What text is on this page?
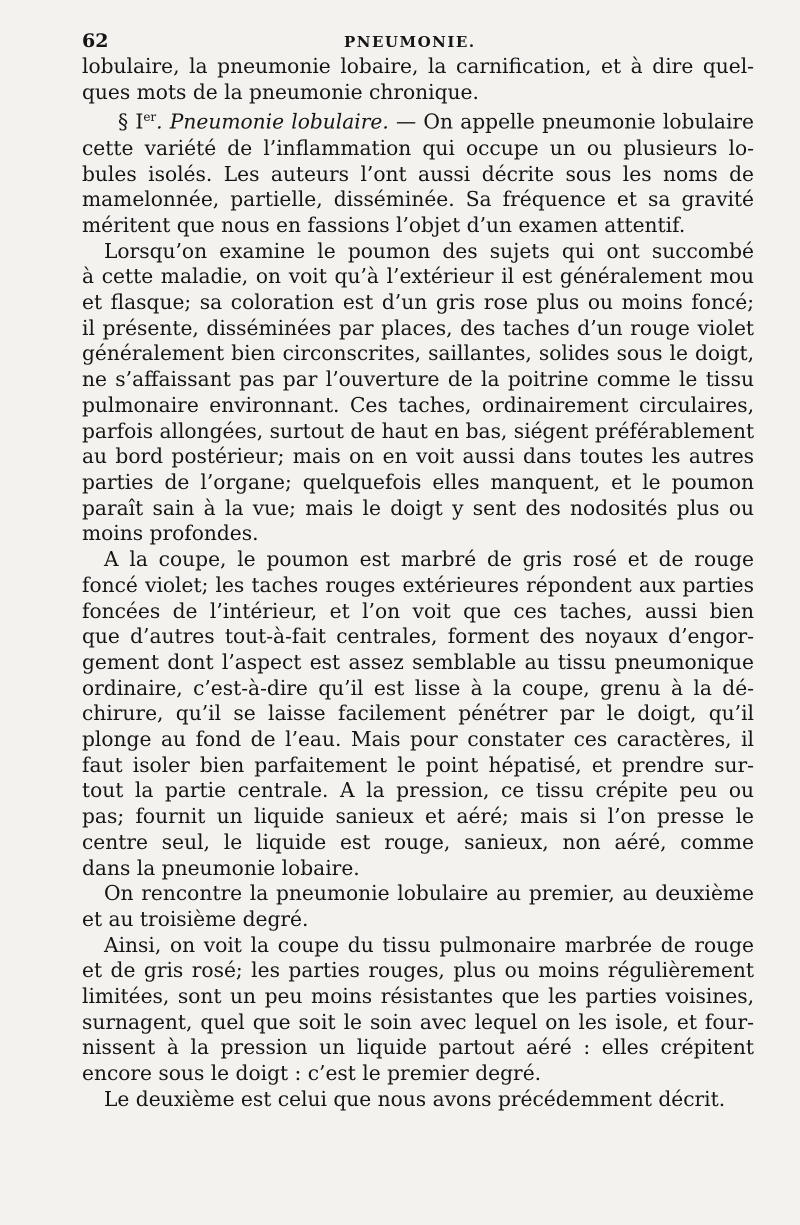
62	PNEUMONIE.
lobulaire, la pneumonie lobaire, la carnification, et à dire quel-
ques mots de la pneumonie chronique.
§ Ier. Pneumonie lobulaire. — On appelle pneumonie lobulaire
cette variété de l’inflammation qui occupe un ou plusieurs lo-
bules isolés. Les auteurs l’ont aussi décrite sous les noms de
mamelonnée, partielle, disséminée. Sa fréquence et sa gravité
méritent que nous en fassions l’objet d’un examen attentif.
Lorsqu’on examine le poumon des sujets qui ont succombé
à cette maladie, on voit qu’à l’extérieur il est généralement mou
et flasque; sa coloration est d’un gris rose plus ou moins foncé;
il présente, disséminées par places, des taches d’un rouge violet
généralement bien circonscrites, saillantes, solides sous le doigt,
ne s’affaissant pas par l’ouverture de la poitrine comme le tissu
pulmonaire environnant. Ces taches, ordinairement circulaires,
parfois allongées, surtout de haut en bas, siégent préférablement
au bord postérieur; mais on en voit aussi dans toutes les autres
parties de l’organe; quelquefois elles manquent, et le poumon
paraît sain à la vue; mais le doigt y sent des nodosités plus ou
moins profondes.
A la coupe, le poumon est marbré de gris rosé et de rouge
foncé violet; les taches rouges extérieures répondent aux parties
foncées de l’intérieur, et l’on voit que ces taches, aussi bien
que d’autres tout-à-fait centrales, forment des noyaux d’engor-
gement dont l’aspect est assez semblable au tissu pneumonique
ordinaire, c’est-à-dire qu’il est lisse à la coupe, grenu à la dé-
chirure, qu’il se laisse facilement pénétrer par le doigt, qu’il
plonge au fond de l’eau. Mais pour constater ces caractères, il
faut isoler bien parfaitement le point hépatisé, et prendre sur-
tout la partie centrale. A la pression, ce tissu crépite peu ou
pas; fournit un liquide sanieux et aéré; mais si l’on presse le
centre seul, le liquide est rouge, sanieux, non aéré, comme
dans la pneumonie lobaire.
On rencontre la pneumonie lobulaire au premier, au deuxième
et au troisième degré.
Ainsi, on voit la coupe du tissu pulmonaire marbrée de rouge
et de gris rosé; les parties rouges, plus ou moins régulièrement
limitées, sont un peu moins résistantes que les parties voisines,
surnagent, quel que soit le soin avec lequel on les isole, et four-
nissent à la pression un liquide partout aéré : elles crépitent
encore sous le doigt : c’est le premier degré.
Le deuxième est celui que nous avons précédemment décrit.
